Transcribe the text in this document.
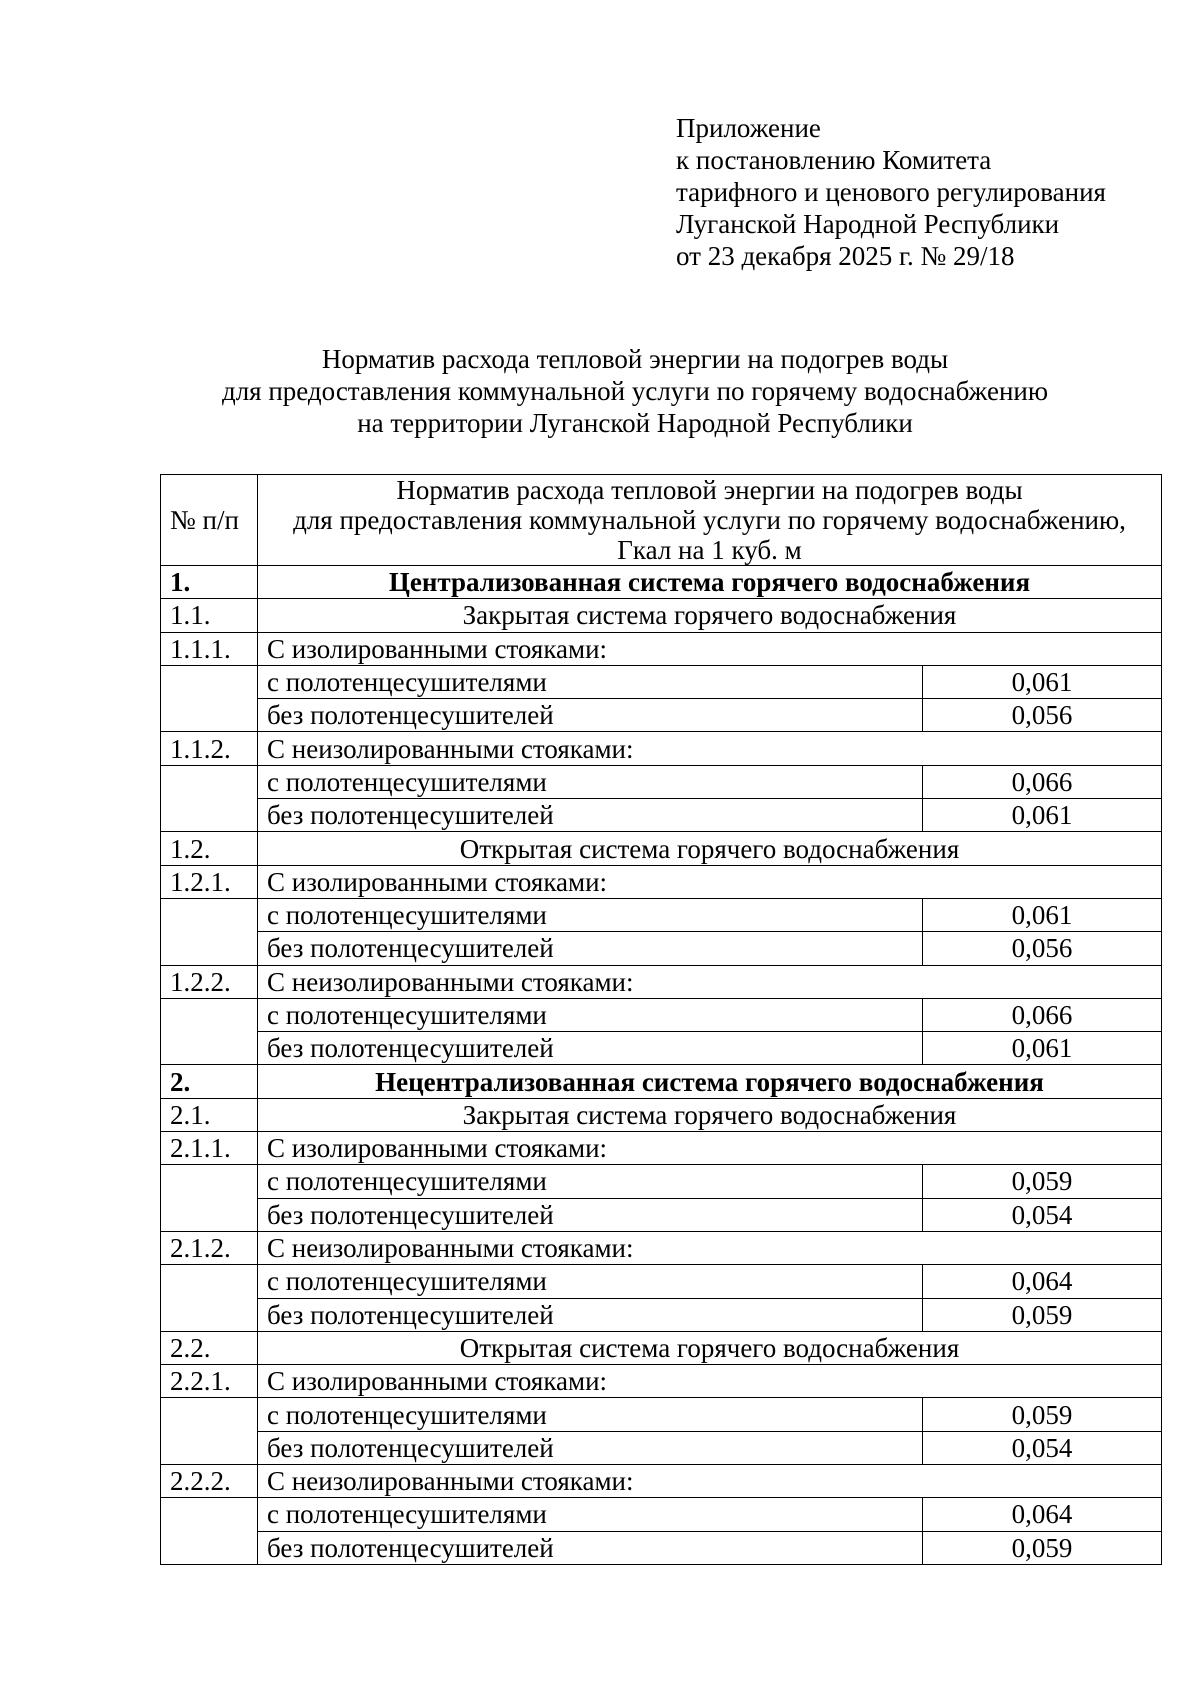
Приложение
к постановлению Комитета
тарифного и ценового регулирования
Луганской Народной Республики
от 23 декабря 2025 г. № 29/18
Норматив расхода тепловой энергии на подогрев воды
для предоставления коммунальной услуги по горячему водоснабжению
на территории Луганской Народной Республики
№ п/п	Норматив расхода тепловой энергии на подогрев воды
для предоставления коммунальной услуги по горячему водоснабжению,
Гкал на 1 куб. м	

1.	Централизованная система горячего водоснабжения	
1.1.	Закрытая система горячего водоснабжения	
1.1.1.	С изолированными стояками:	
	с полотенцесушителями	0,061
	без полотенцесушителей	0,056
1.1.2.	С неизолированными стояками:	
	с полотенцесушителями	0,066
	без полотенцесушителей	0,061
1.2.	Открытая система горячего водоснабжения	
1.2.1.	С изолированными стояками:	
	с полотенцесушителями	0,061
	без полотенцесушителей	0,056
1.2.2.	С неизолированными стояками:	
	с полотенцесушителями	0,066
	без полотенцесушителей	0,061
2.	Нецентрализованная система горячего водоснабжения	
2.1.	Закрытая система горячего водоснабжения	
2.1.1.	С изолированными стояками:	
	с полотенцесушителями	0,059
	без полотенцесушителей	0,054
2.1.2.	С неизолированными стояками:	
	с полотенцесушителями	0,064
	без полотенцесушителей	0,059
2.2.	Открытая система горячего водоснабжения	
2.2.1.	С изолированными стояками:	
	с полотенцесушителями	0,059
	без полотенцесушителей	0,054
2.2.2.	С неизолированными стояками:	
	с полотенцесушителями	0,064
	без полотенцесушителей	0,059
